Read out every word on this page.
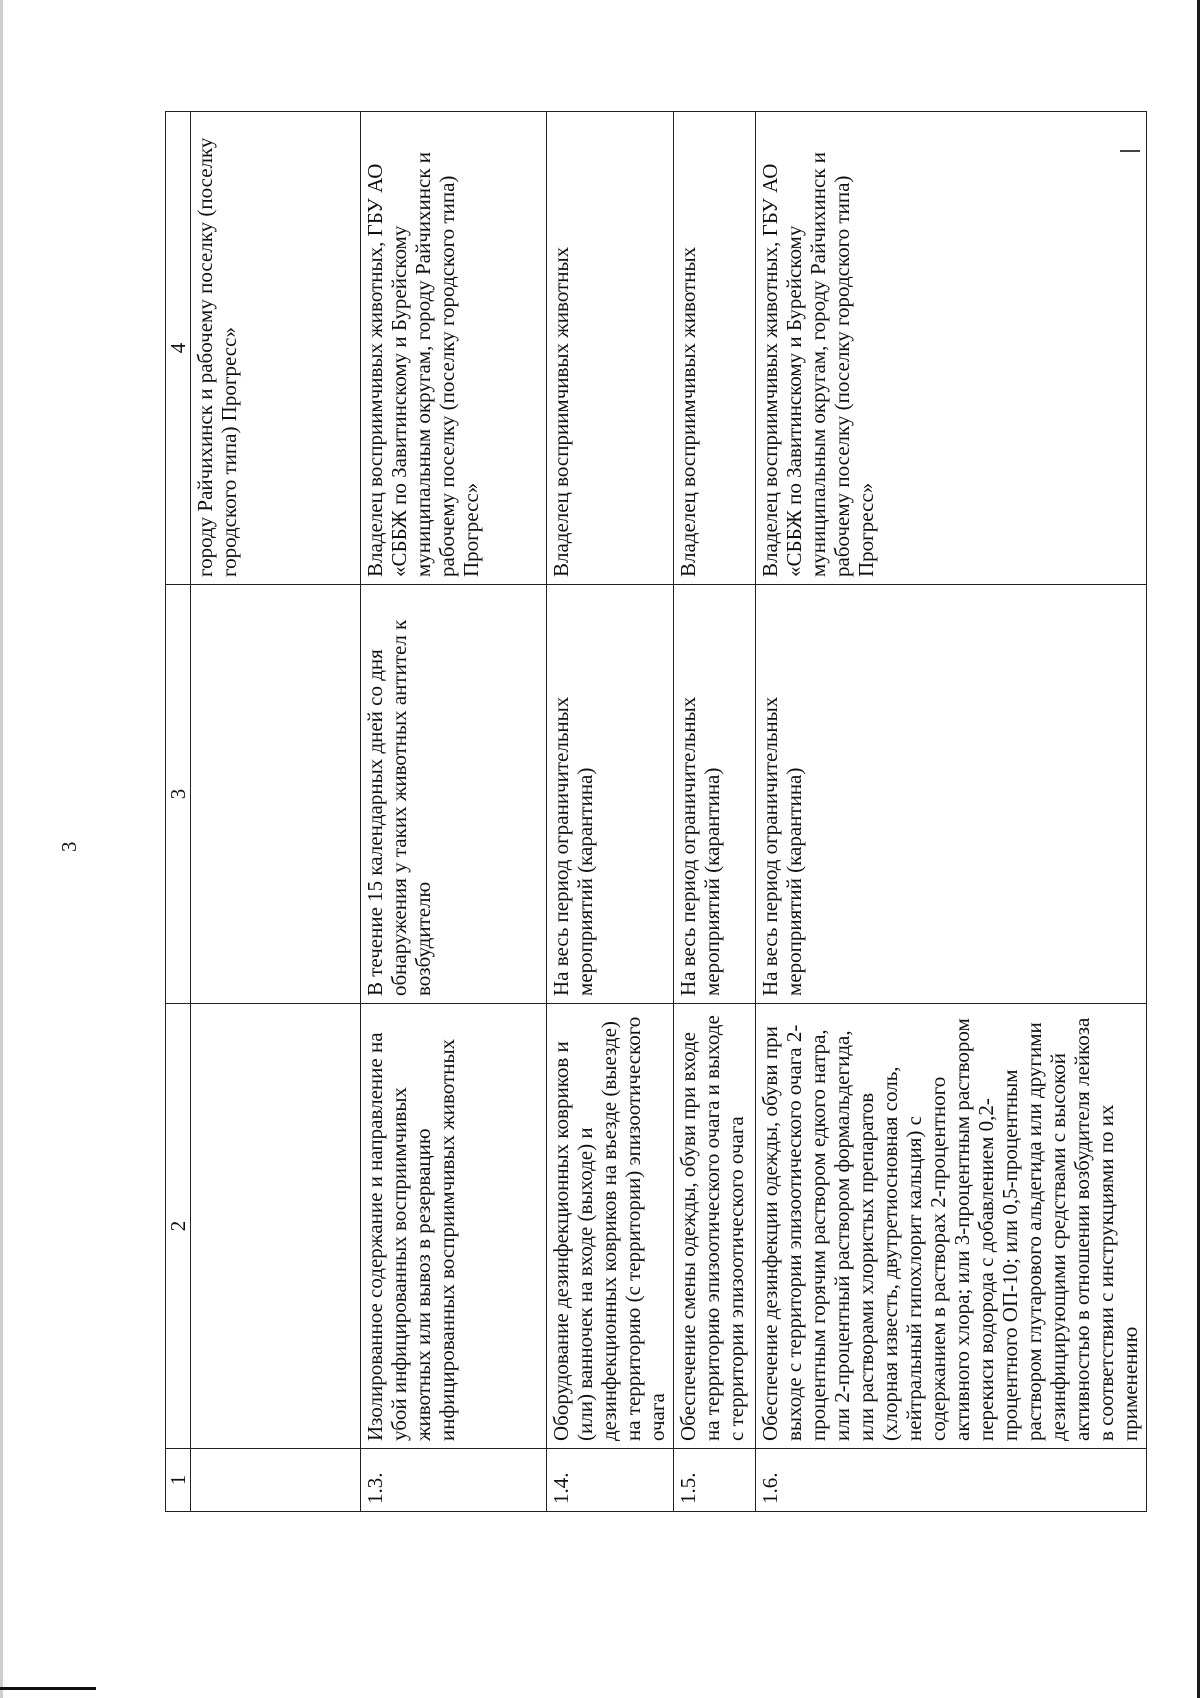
3
1	2	3	4
			городу Райчихинск и рабочему поселку (поселку городского типа) Прогресс»
1.3.	Изолированное содержание и направление на убой инфицированных восприимчивых животных или вывоз в резервацию инфицированных восприимчивых животных	В течение 15 календарных дней со дня обнаружения у таких животных антител к возбудителю	Владелец восприимчивых животных, ГБУ АО «СББЖ по Завитинскому и Бурейскому муниципальным округам, городу Райчихинск и рабочему поселку (поселку городского типа) Прогресс»
1.4.	Оборудование дезинфекционных ковриков и (или) ванночек на входе (выходе) и дезинфекционных ковриков на въезде (выезде) на территорию (с территории) эпизоотического очага	На весь период ограничительных мероприятий (карантина)	Владелец восприимчивых животных
1.5.	Обеспечение смены одежды, обуви при входе на территорию эпизоотического очага и выходе с территории эпизоотического очага	На весь период ограничительных мероприятий (карантина)	Владелец восприимчивых животных
1.6.	Обеспечение дезинфекции одежды, обуви при выходе с территории эпизоотического очага 2-процентным горячим раствором едкого натра, или 2-процентный раствором формальдегида, или растворами хлористых препаратов (хлорная известь, двутретиосновная соль, нейтральный гипохлорит кальция) с содержанием в растворах 2-процентного активного хлора; или 3-процентным раствором перекиси водорода с добавлением 0,2-процентного ОП-10; или 0,5-процентным раствором глутарового альдегида или другими дезинфицирующими средствами с высокой активностью в отношении возбудителя лейкоза в соответствии с инструкциями по их применению	На весь период ограничительных мероприятий (карантина)	Владелец восприимчивых животных, ГБУ АО «СББЖ по Завитинскому и Бурейскому муниципальным округам, городу Райчихинск и рабочему поселку (поселку городского типа) Прогресс»
